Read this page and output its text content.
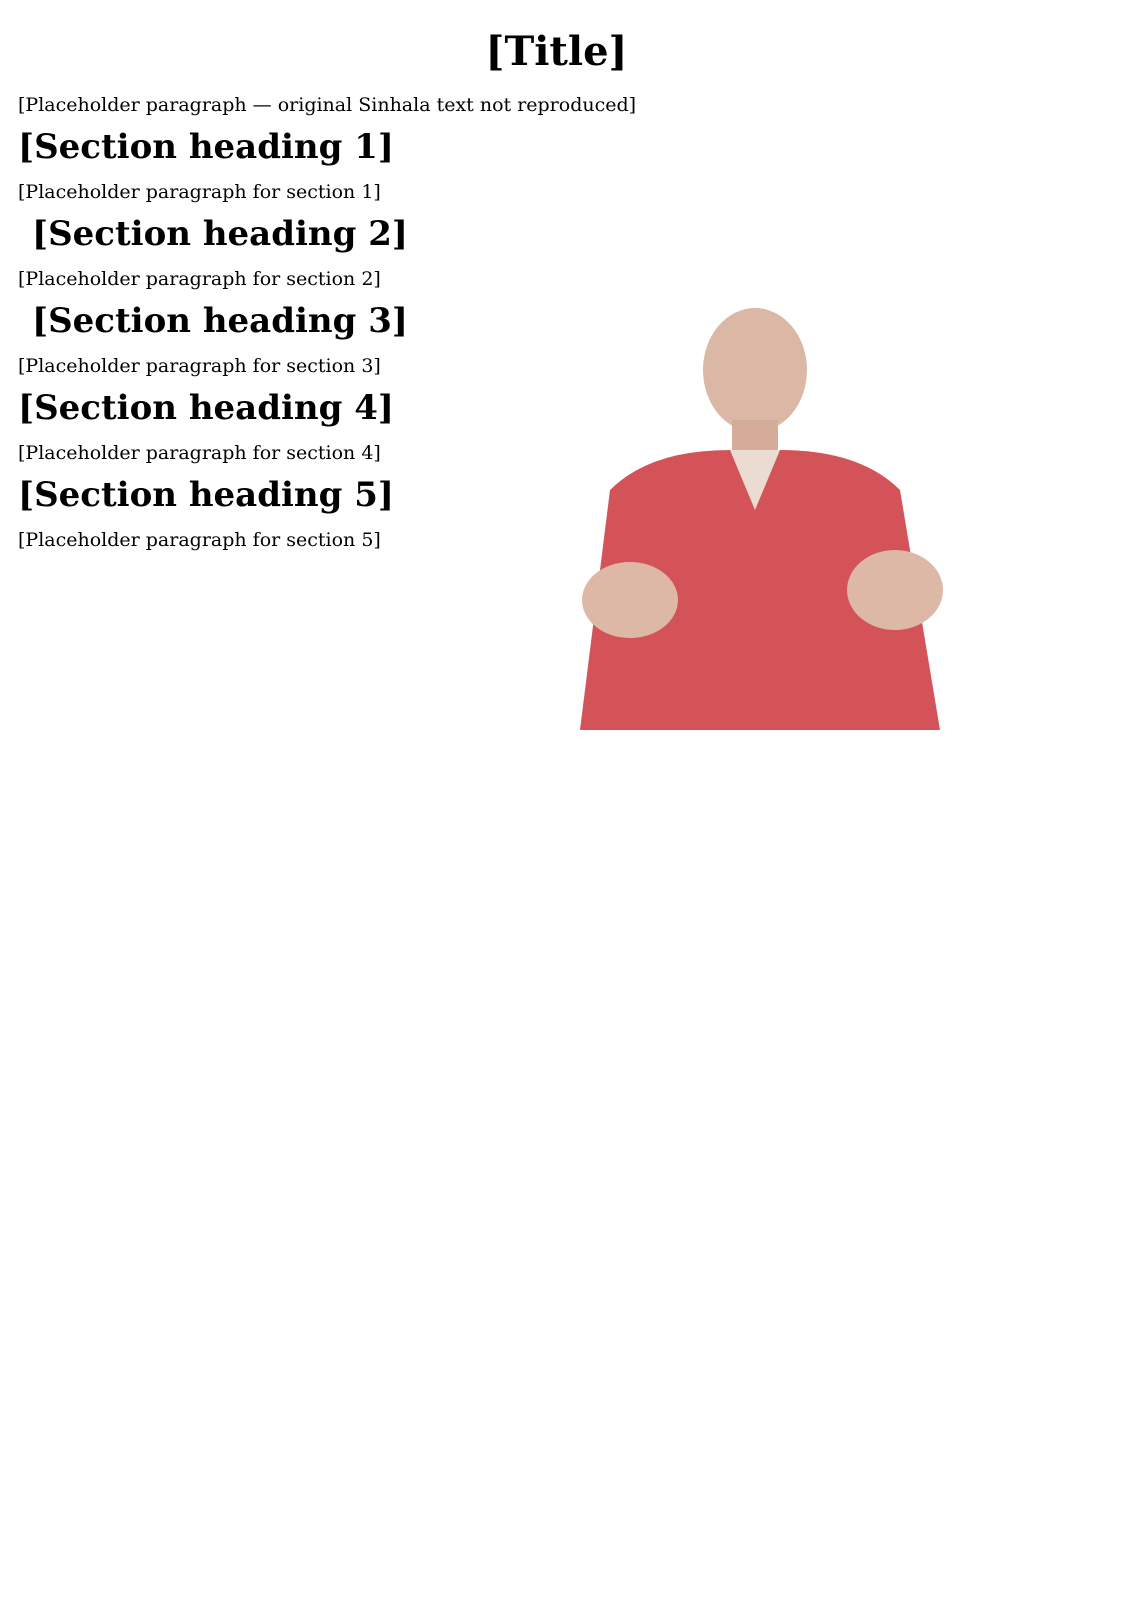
[Title]

[Placeholder paragraph — original Sinhala text not reproduced]

[Section heading 1]

[Placeholder paragraph for section 1]

[Section heading 2]

[Placeholder paragraph for section 2]

[Section heading 3]

[Placeholder paragraph for section 3]

[Section heading 4]

[Placeholder paragraph for section 4]

[Section heading 5]

[Placeholder paragraph for section 5]
